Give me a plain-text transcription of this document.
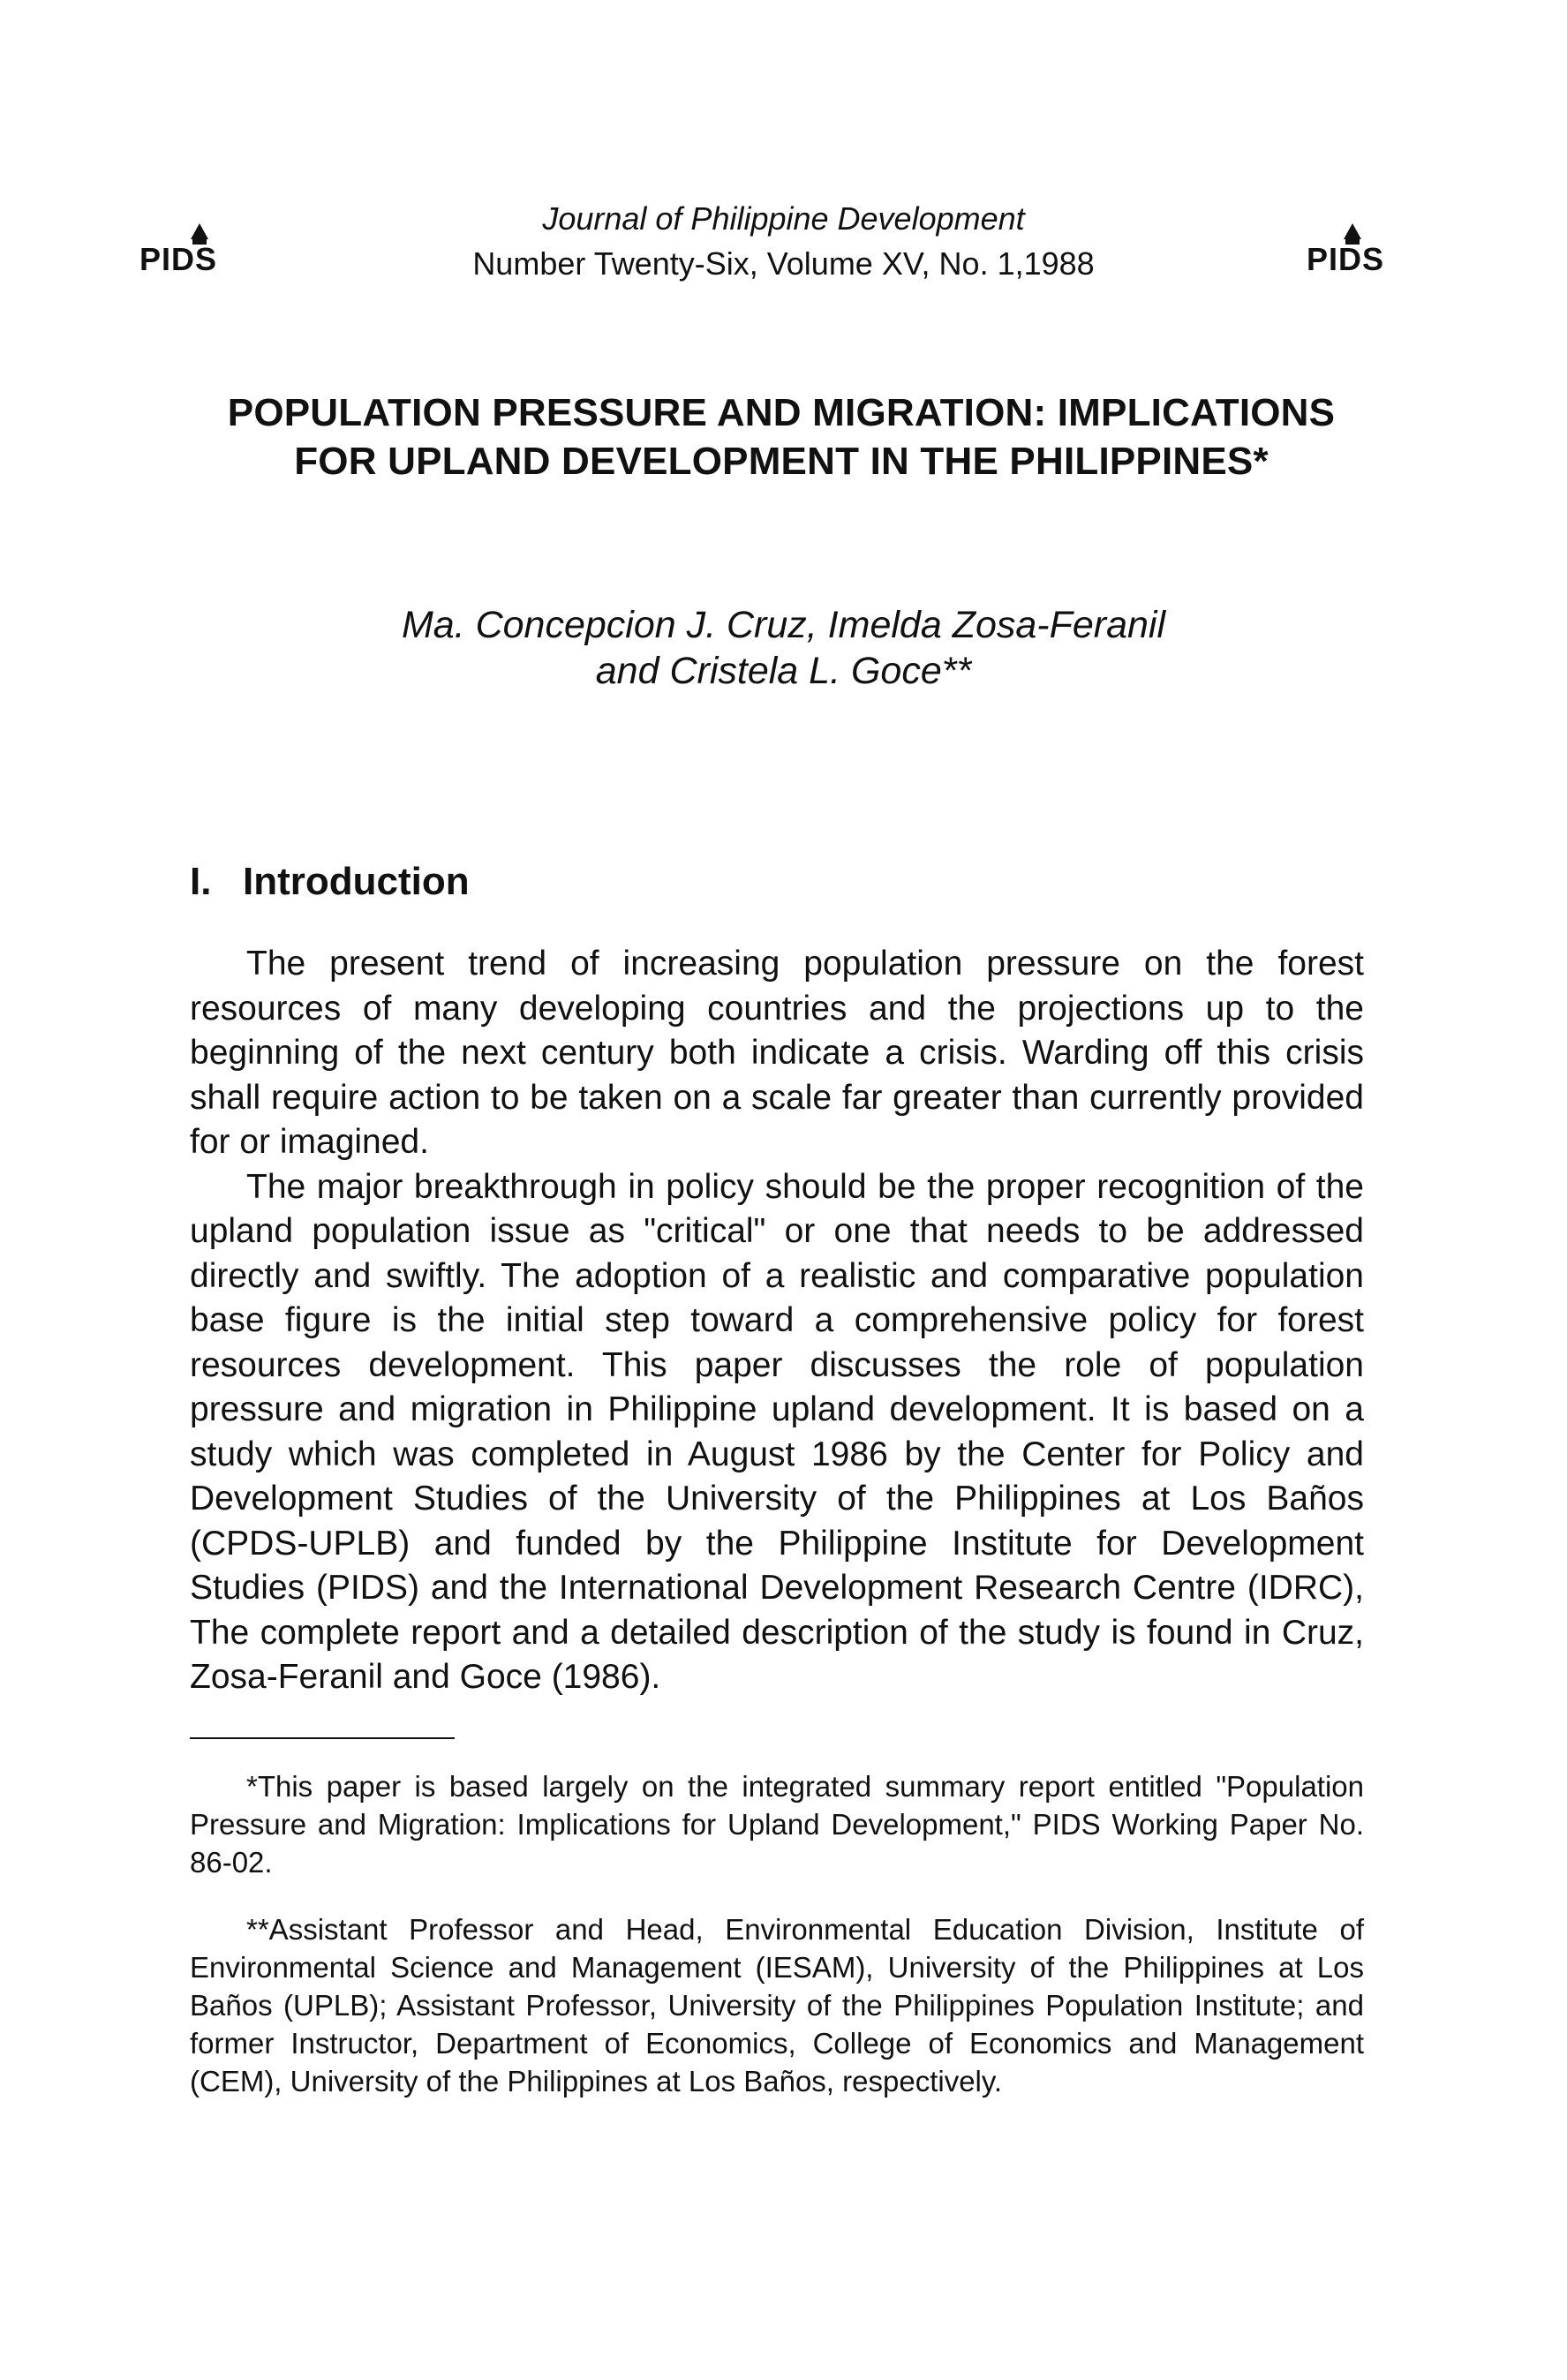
PIDS	PIDS
Journal of Philippine Development
Number Twenty-Six, Volume XV, No. 1,1988
POPULATION PRESSURE AND MIGRATION: IMPLICATIONS
FOR UPLAND DEVELOPMENT IN THE PHILIPPINES*
Ma. Concepcion J. Cruz, Imelda Zosa-Feranil
and Cristela L. Goce**
I. Introduction

The present trend of increasing population pressure on the forest resources of many developing countries and the projections up to the beginning of the next century both indicate a crisis. Warding off this crisis shall require action to be taken on a scale far greater than currently provided for or imagined.

The major breakthrough in policy should be the proper recognition of the upland population issue as "critical" or one that needs to be addressed directly and swiftly. The adoption of a realistic and comparative population base figure is the initial step toward a comprehensive policy for forest resources development. This paper discusses the role of population pressure and migration in Philippine upland development. It is based on a study which was completed in August 1986 by the Center for Policy and Development Studies of the University of the Philippines at Los Baños (CPDS-UPLB) and funded by the Philippine Institute for Development Studies (PIDS) and the International Development Research Centre (IDRC), The complete report and a detailed description of the study is found in Cruz, Zosa-Feranil and Goce (1986).

*This paper is based largely on the integrated summary report entitled "Population Pressure and Migration: Implications for Upland Development," PIDS Working Paper No. 86-02.

**Assistant Professor and Head, Environmental Education Division, Institute of Environmental Science and Management (IESAM), University of the Philippines at Los Baños (UPLB); Assistant Professor, University of the Philippines Population Institute; and former Instructor, Department of Economics, College of Economics and Management (CEM), University of the Philippines at Los Baños, respectively.
